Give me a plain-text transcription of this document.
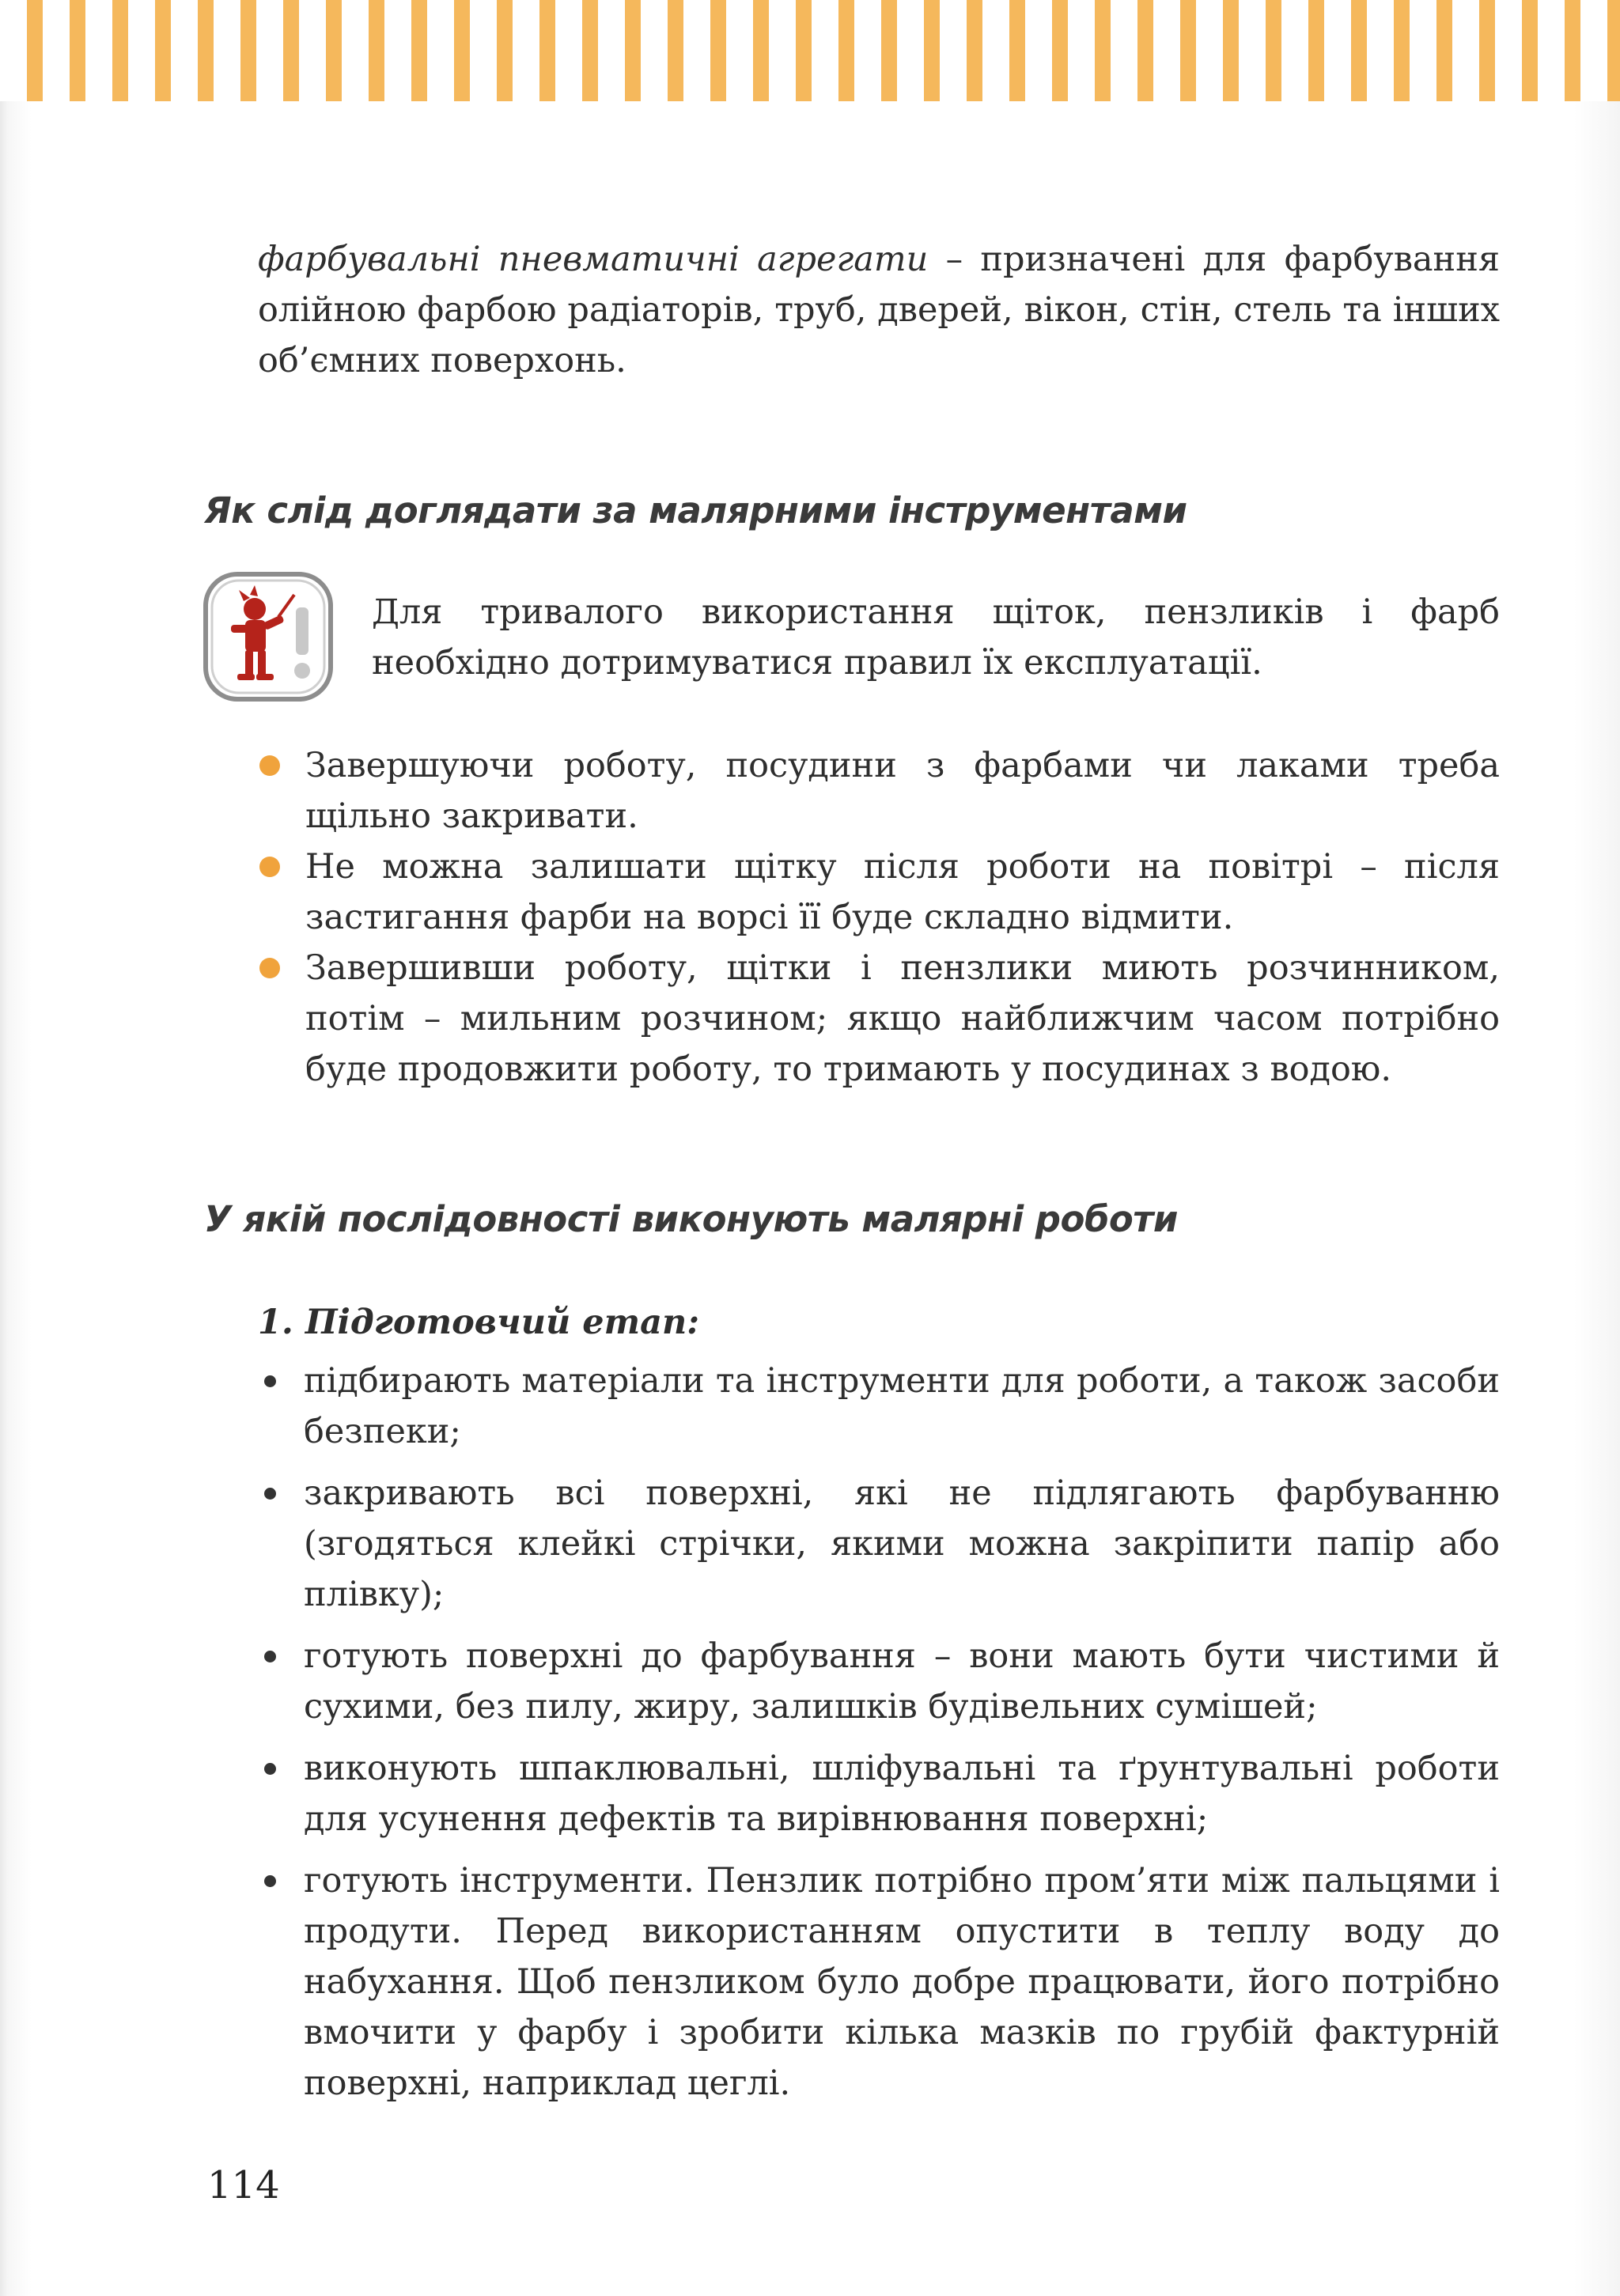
фарбувальні пневматичні агрегати – призначені для фарбування олійною фарбою радіаторів, труб, дверей, вікон, стін, стель та інших об’ємних поверхонь.

Як слід доглядати за малярними інструментами

Для тривалого використання щіток, пензликів і фарб необхідно дотримуватися правил їх експлуатації.

Завершуючи роботу, посудини з фарбами чи лаками треба щільно закривати.
Не можна залишати щітку після роботи на повітрі – після застигання фарби на ворсі її буде складно відмити.
Завершивши роботу, щітки і пензлики миють розчинником, потім – мильним розчином; якщо найближчим часом потрібно буде продовжити роботу, то тримають у посудинах з водою.
У якій послідовності виконують малярні роботи

1. Підготовчий етап:

підбирають матеріали та інструменти для роботи, а також засоби безпеки;
закривають всі поверхні, які не підлягають фарбуванню (згодяться клейкі стрічки, якими можна закріпити папір або плівку);
готують поверхні до фарбування – вони мають бути чистими й сухими, без пилу, жиру, залишків будівельних сумішей;
виконують шпаклювальні, шліфувальні та ґрунтувальні роботи для усунення дефектів та вирівнювання поверхні;
готують інструменти. Пензлик потрібно пром’яти між пальцями і продути. Перед використанням опустити в теплу воду до набухання. Щоб пензликом було добре працювати, його потрібно вмочити у фарбу і зробити кілька мазків по грубій фактурній поверхні, наприклад цеглі.

114
